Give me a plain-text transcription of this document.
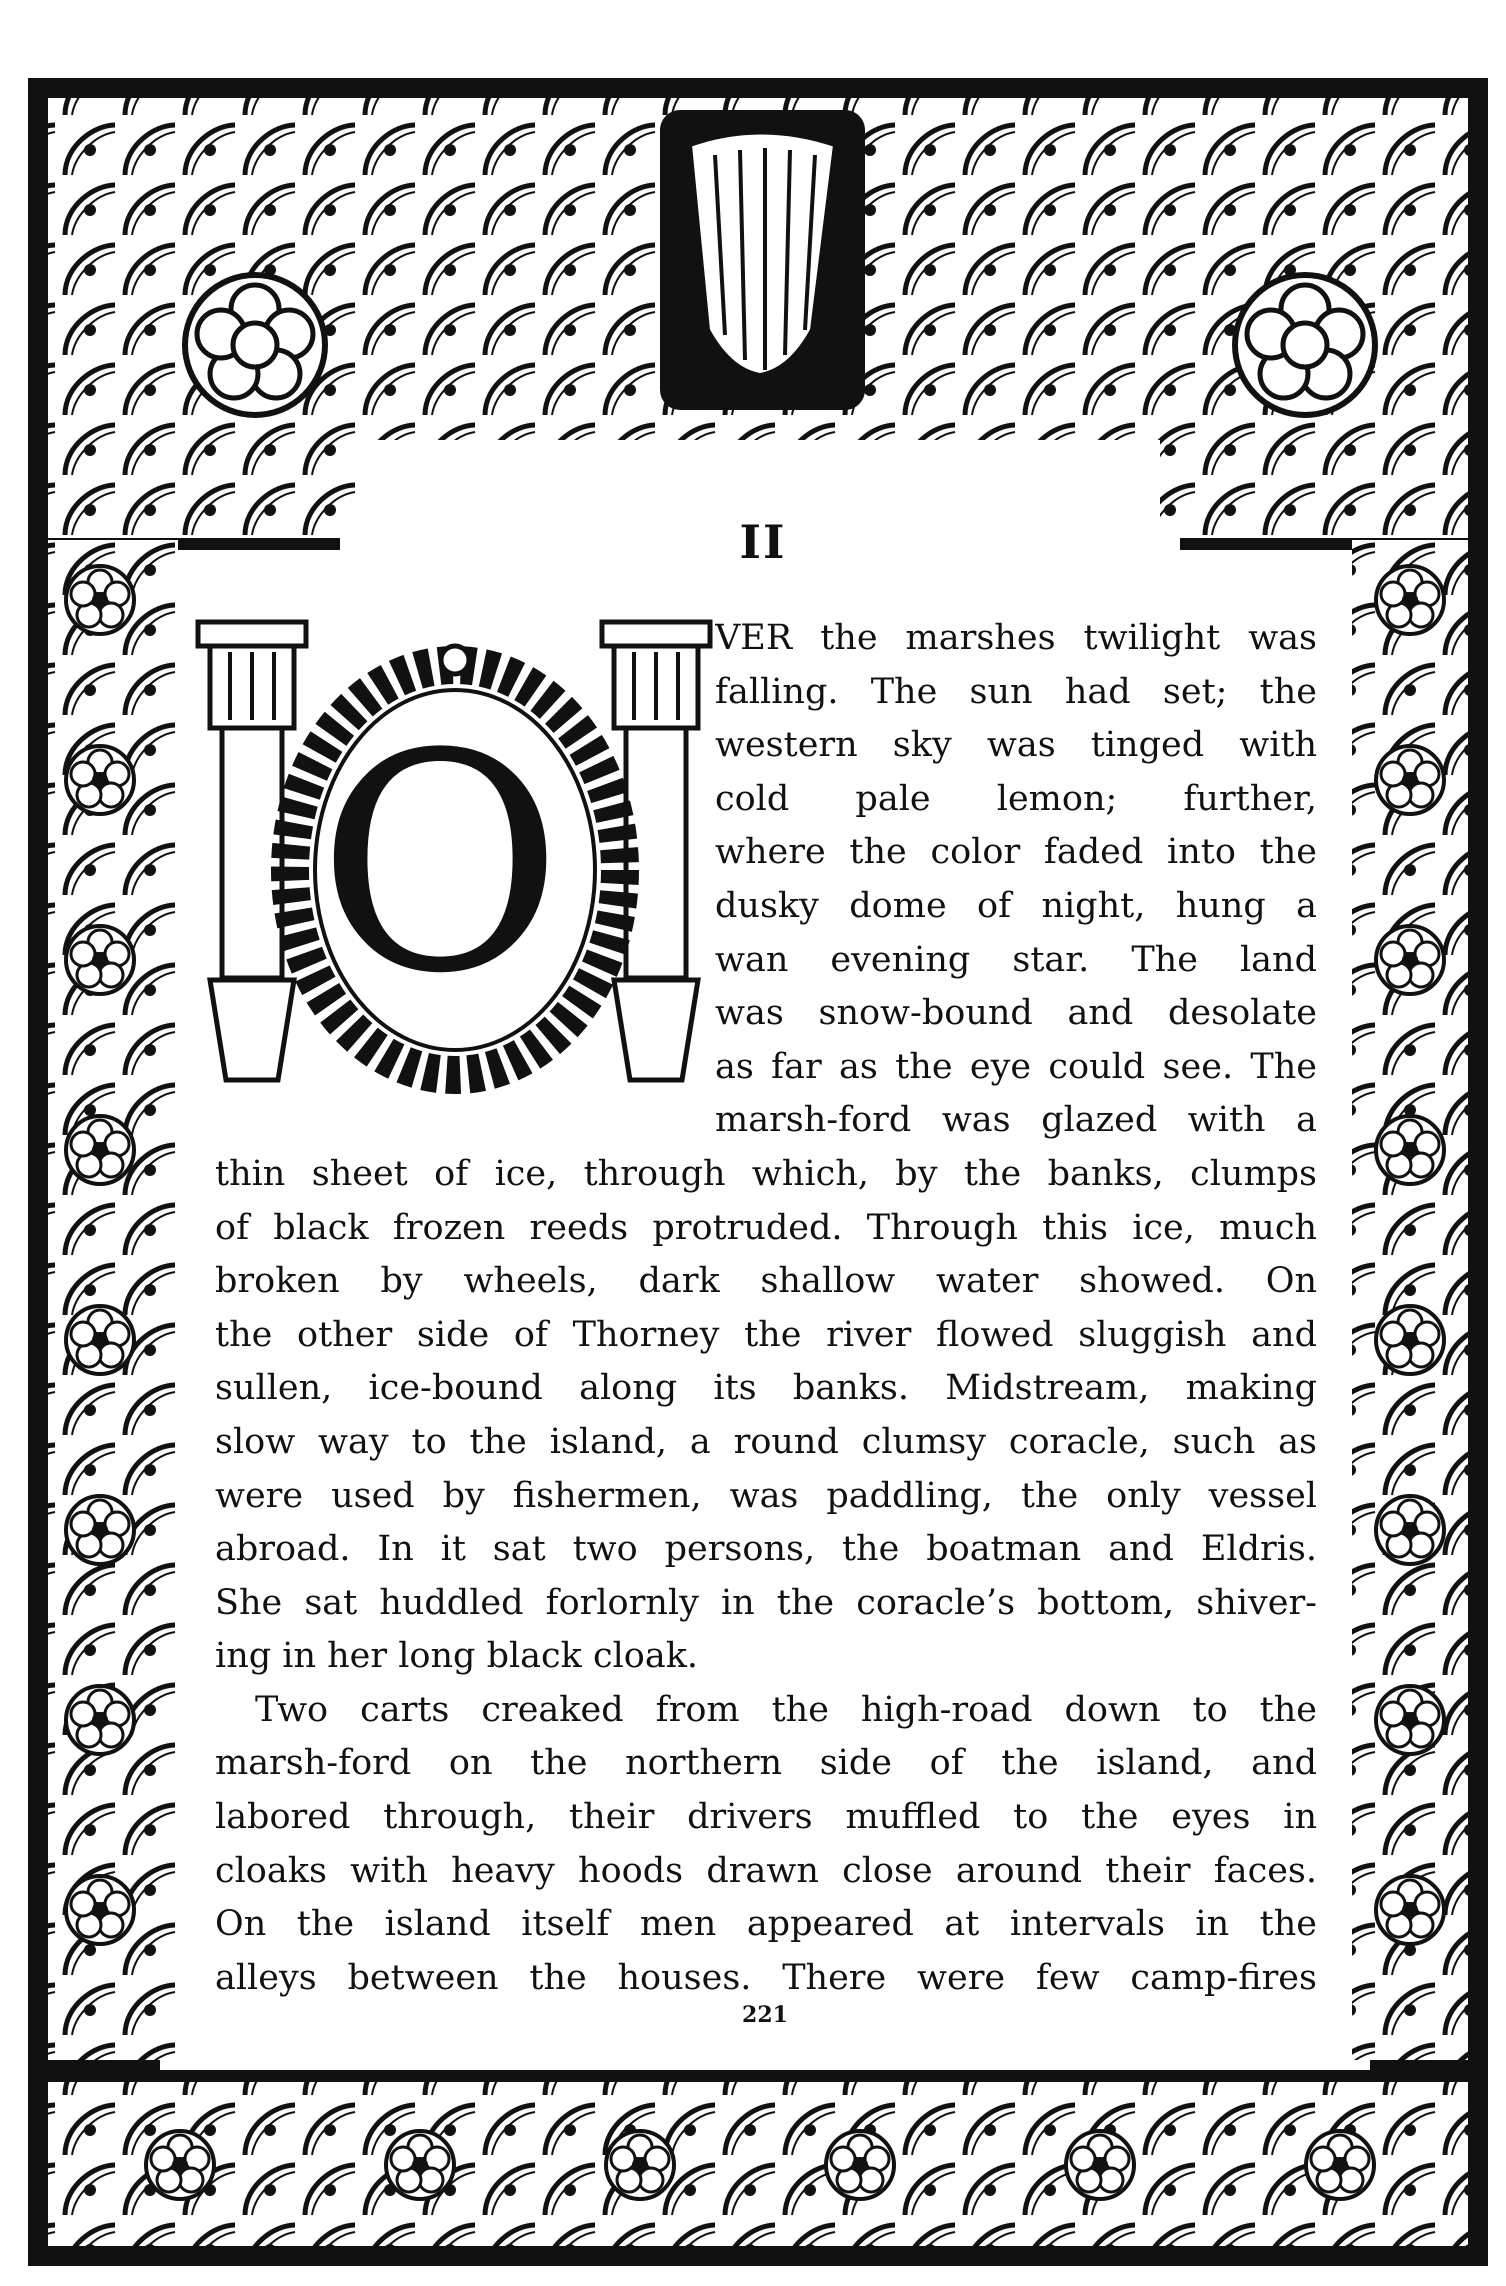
II
O
VER the marshes twilight was
falling. The sun had set; the
western sky was tinged with
cold pale lemon; further,
where the color faded into the
dusky dome of night, hung a
wan evening star. The land
was snow-bound and desolate
as far as the eye could see. The
marsh-ford was glazed with a
thin sheet of ice, through which, by the banks, clumps
of black frozen reeds protruded. Through this ice, much
broken by wheels, dark shallow water showed. On
the other side of Thorney the river flowed sluggish and
sullen, ice-bound along its banks. Midstream, making
slow way to the island, a round clumsy coracle, such as
were used by fishermen, was paddling, the only vessel
abroad. In it sat two persons, the boatman and Eldris.
She sat huddled forlornly in the coracle’s bottom, shiver-
ing in her long black cloak.
Two carts creaked from the high-road down to the
marsh-ford on the northern side of the island, and
labored through, their drivers muffled to the eyes in
cloaks with heavy hoods drawn close around their faces.
On the island itself men appeared at intervals in the
alleys between the houses. There were few camp-fires
221
